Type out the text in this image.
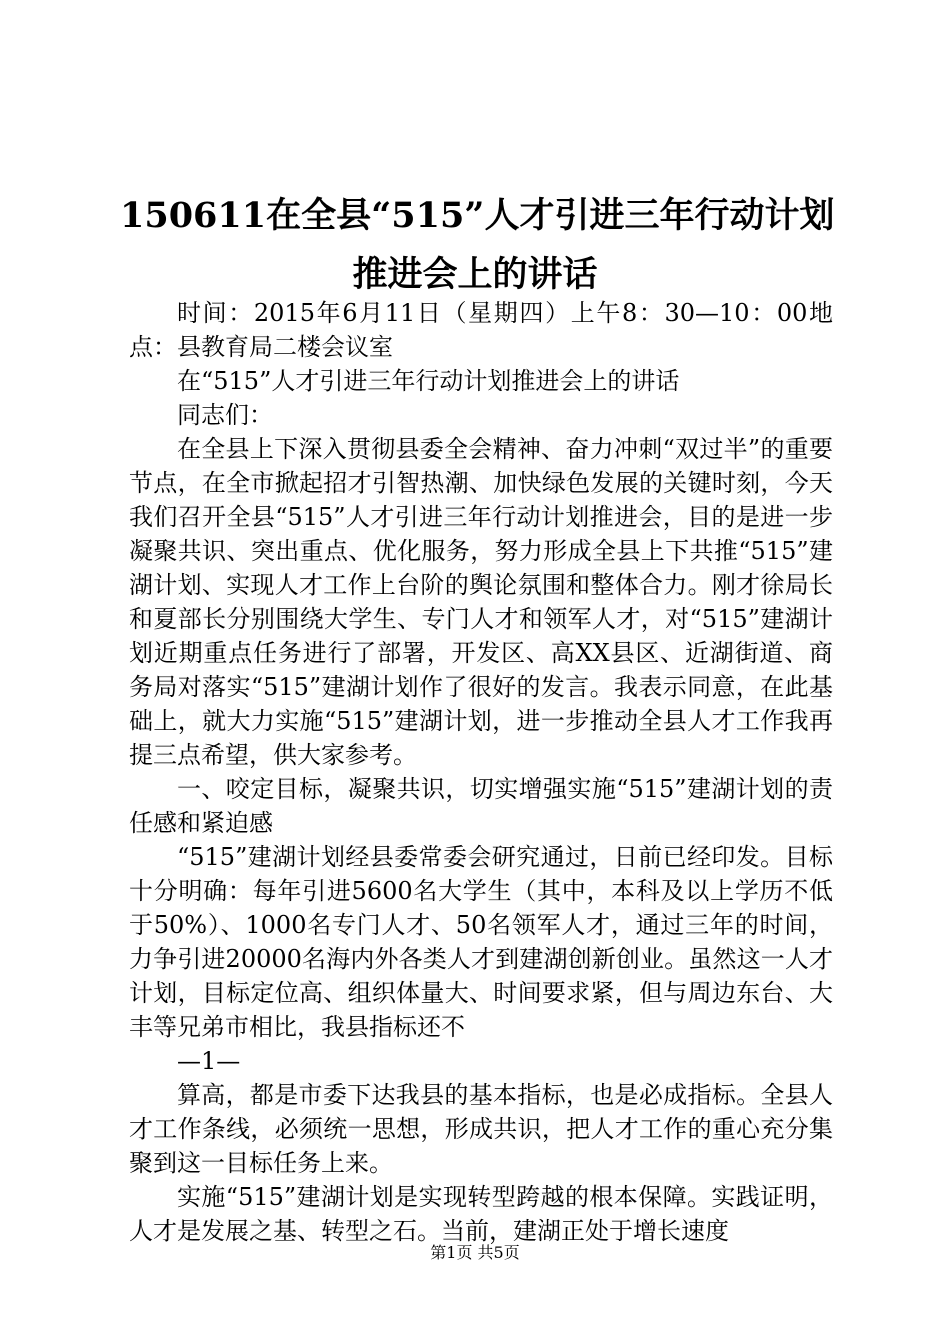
150611在全县“515”人才引进三年行动计划
推进会上的讲话

时间：2015年6月11日（星期四）上午8：30—10：00地点：县教育局二楼会议室

在“515”人才引进三年行动计划推进会上的讲话

同志们：

在全县上下深入贯彻县委全会精神、奋力冲刺“双过半”的重要节点，在全市掀起招才引智热潮、加快绿色发展的关键时刻，今天我们召开全县“515”人才引进三年行动计划推进会，目的是进一步凝聚共识、突出重点、优化服务，努力形成全县上下共推“515”建湖计划、实现人才工作上台阶的舆论氛围和整体合力。刚才徐局长和夏部长分别围绕大学生、专门人才和领军人才，对“515”建湖计划近期重点任务进行了部署，开发区、高XX县区、近湖街道、商务局对落实“515”建湖计划作了很好的发言。我表示同意，在此基础上，就大力实施“515”建湖计划，进一步推动全县人才工作我再提三点希望，供大家参考。

一、咬定目标，凝聚共识，切实增强实施“515”建湖计划的责任感和紧迫感

“515”建湖计划经县委常委会研究通过，日前已经印发。目标十分明确：每年引进5600名大学生（其中，本科及以上学历不低于50%）、1000名专门人才、50名领军人才，通过三年的时间，力争引进20000名海内外各类人才到建湖创新创业。虽然这一人才计划，目标定位高、组织体量大、时间要求紧，但与周边东台、大丰等兄弟市相比，我县指标还不

—1—

算高，都是市委下达我县的基本指标，也是必成指标。全县人才工作条线，必须统一思想，形成共识，把人才工作的重心充分集聚到这一目标任务上来。

实施“515”建湖计划是实现转型跨越的根本保障。实践证明，人才是发展之基、转型之石。当前，建湖正处于增长速度

第1页 共5页
